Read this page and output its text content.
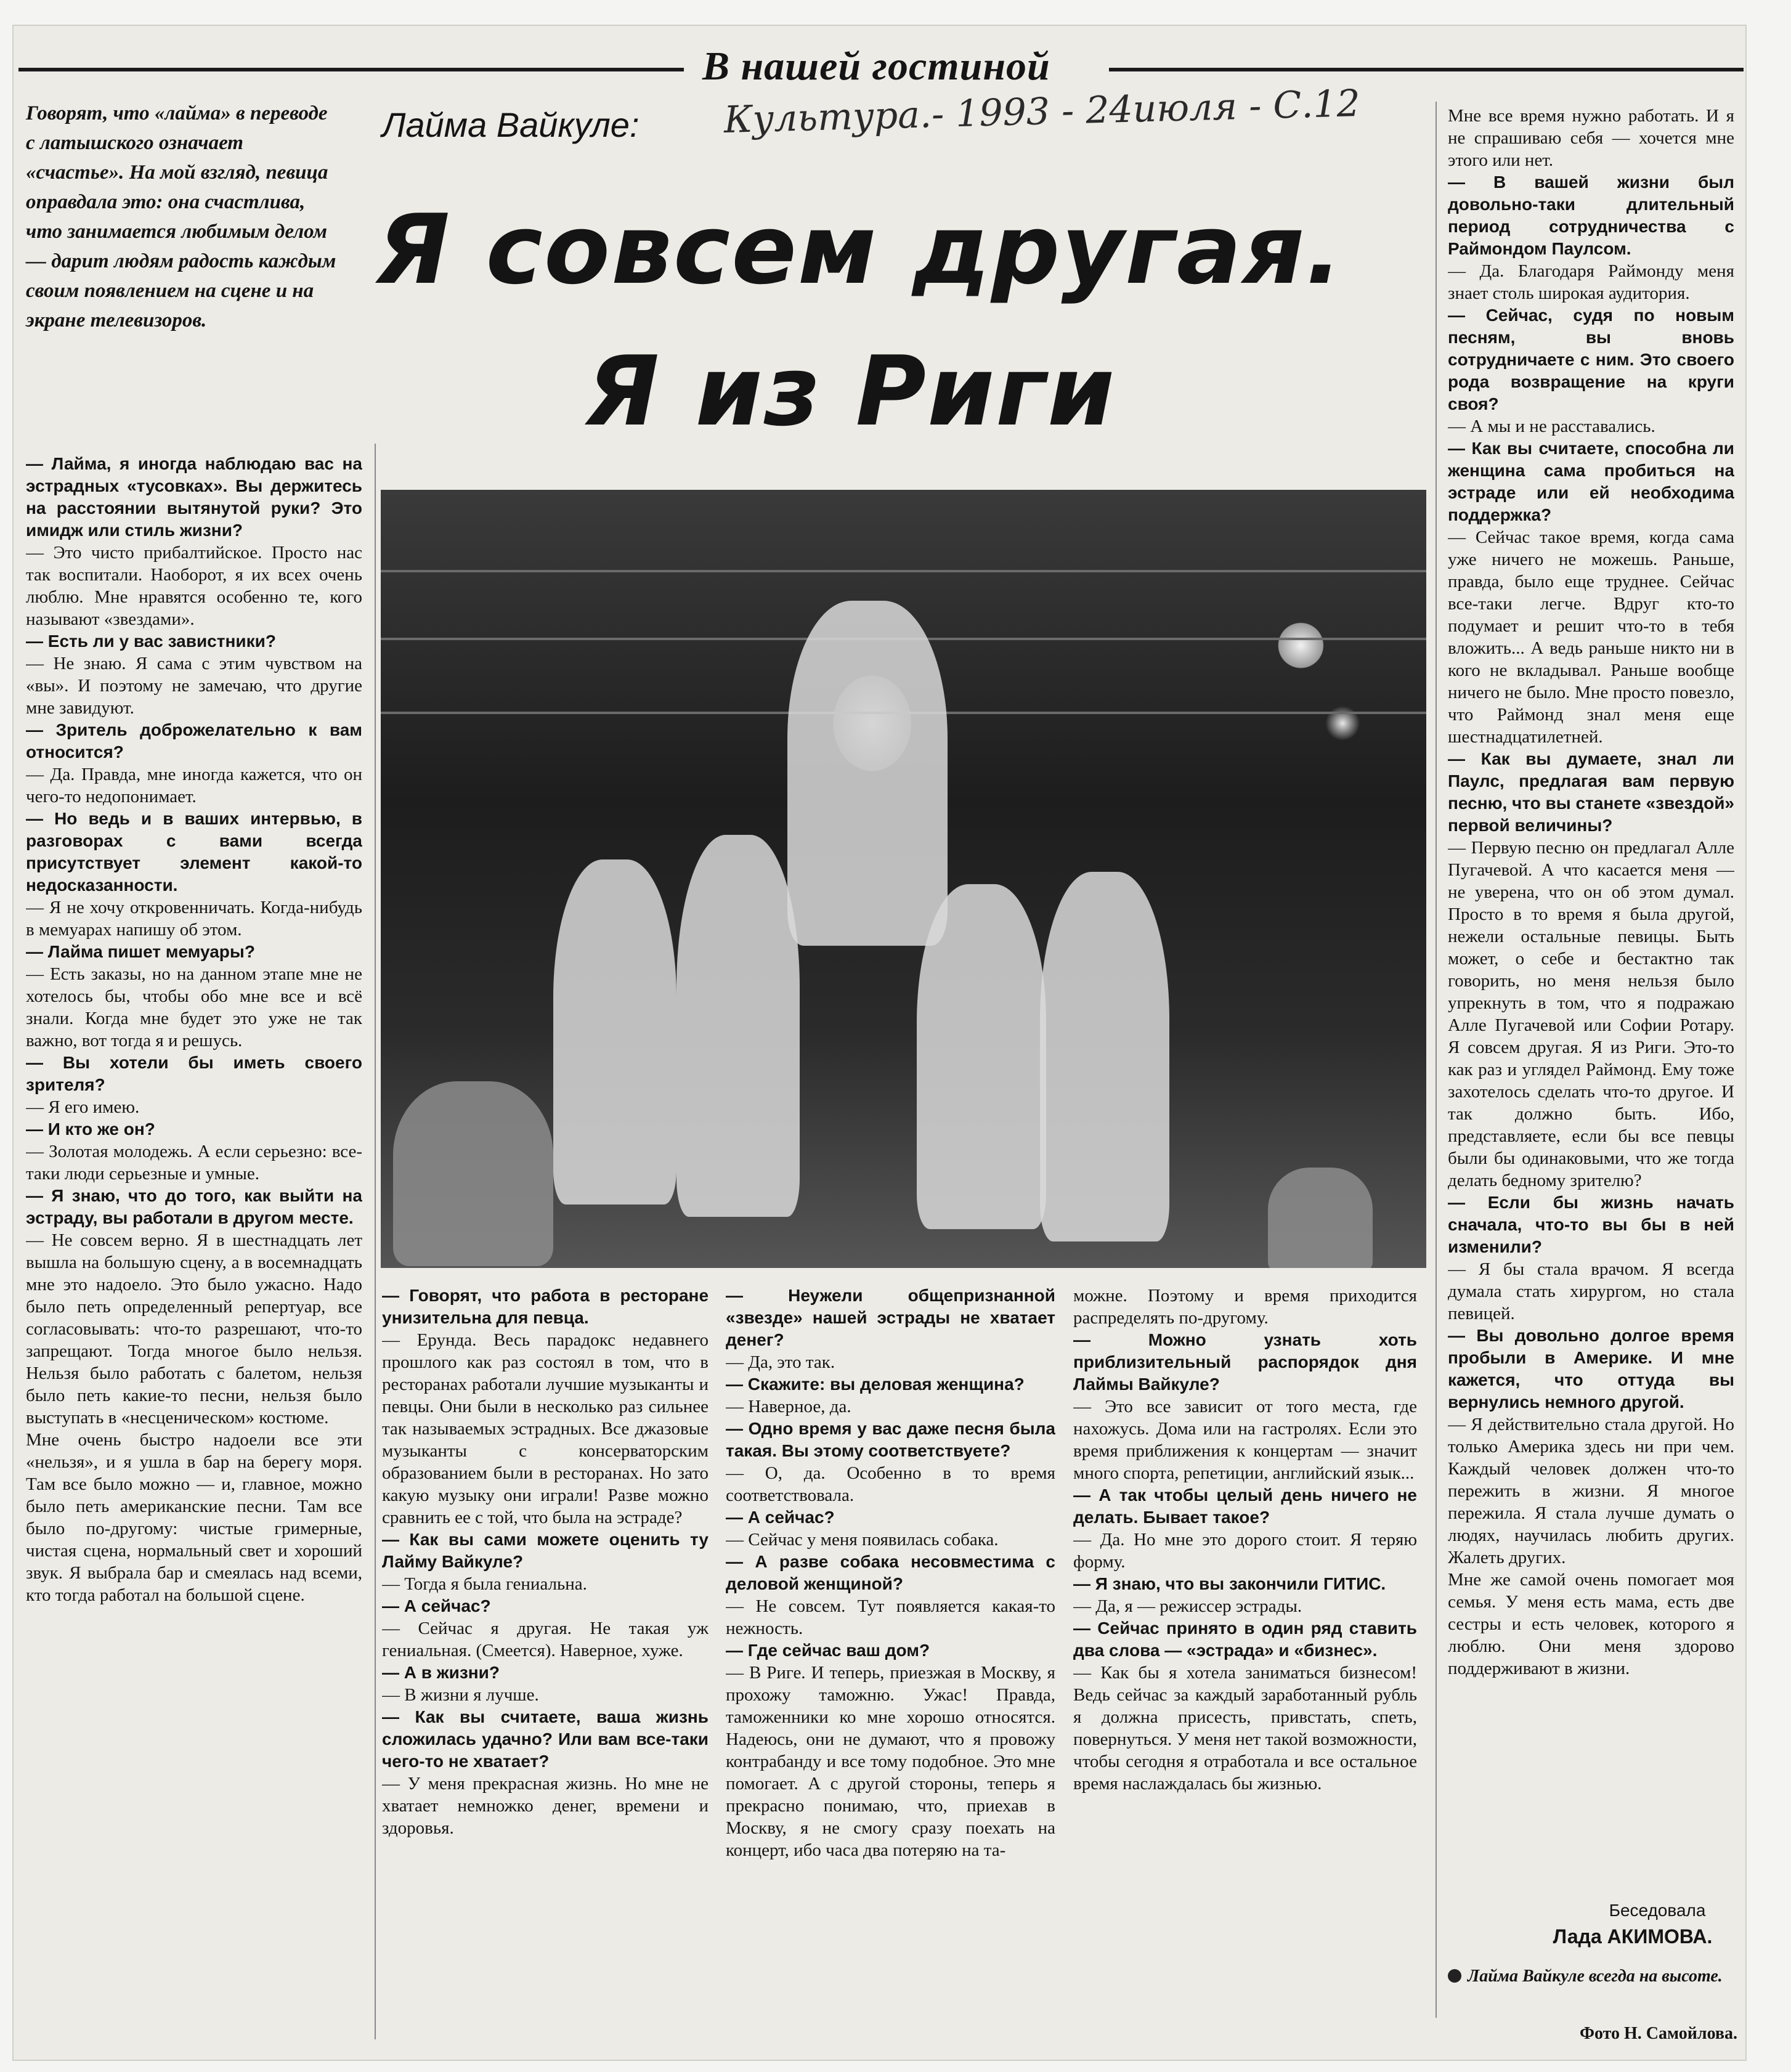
В нашей гостиной
Говорят, что «лайма» в переводе с латышского означает «счастье». На мой взгляд, певица оправдала это: она счастлива, что занимается любимым делом — дарит людям радость каждым своим появлением на сцене и на экране телевизоров.
Лайма Вайкуле: Культура.- 1993 - 24июля - С.12
Я совсем другая.
Я из Риги

— Лайма, я иногда наблюдаю вас на эстрадных «тусовках». Вы держитесь на расстоянии вытянутой руки? Это имидж или стиль жизни?

— Это чисто прибалтийское. Просто нас так воспитали. Наоборот, я их всех очень люблю. Мне нравятся особенно те, кого называют «звездами».

— Есть ли у вас завистники?

— Не знаю. Я сама с этим чувством на «вы». И поэтому не замечаю, что другие мне завидуют.

— Зритель доброжелательно к вам относится?

— Да. Правда, мне иногда кажется, что он чего-то недопонимает.

— Но ведь и в ваших интервью, в разговорах с вами всегда присутствует элемент какой-то недосказанности.

— Я не хочу откровенничать. Когда-нибудь в мемуарах напишу об этом.

— Лайма пишет мемуары?

— Есть заказы, но на данном этапе мне не хотелось бы, чтобы обо мне все и всё знали. Когда мне будет это уже не так важно, вот тогда я и решусь.

— Вы хотели бы иметь своего зрителя?

— Я его имею.

— И кто же он?

— Золотая молодежь. А если серьезно: все-таки люди серьезные и умные.

— Я знаю, что до того, как выйти на эстраду, вы работали в другом месте.

— Не совсем верно. Я в шестнадцать лет вышла на большую сцену, а в восемнадцать мне это надоело. Это было ужасно. Надо было петь определенный репертуар, все согласовывать: что-то разрешают, что-то запрещают. Тогда многое было нельзя. Нельзя было работать с балетом, нельзя было петь какие-то песни, нельзя было выступать в «несценическом» костюме.

Мне очень быстро надоели все эти «нельзя», и я ушла в бар на берегу моря. Там все было можно — и, главное, можно было петь американские песни. Там все было по-другому: чистые гримерные, чистая сцена, нормальный свет и хороший звук. Я выбрала бар и смеялась над всеми, кто тогда работал на большой сцене.

— Говорят, что работа в ресторане унизительна для певца.

— Ерунда. Весь парадокс недавнего прошлого как раз состоял в том, что в ресторанах работали лучшие музыканты и певцы. Они были в несколько раз сильнее так называемых эстрадных. Все джазовые музыканты с консерваторским образованием были в ресторанах. Но зато какую музыку они играли! Разве можно сравнить ее с той, что была на эстраде?

— Как вы сами можете оценить ту Лайму Вайкуле?

— Тогда я была гениальна.

— А сейчас?

— Сейчас я другая. Не такая уж гениальная. (Смеется). Наверное, хуже.

— А в жизни?

— В жизни я лучше.

— Как вы считаете, ваша жизнь сложилась удачно? Или вам все-таки чего-то не хватает?

— У меня прекрасная жизнь. Но мне не хватает немножко денег, времени и здоровья.

— Неужели общепризнанной «звезде» нашей эстрады не хватает денег?

— Да, это так.

— Скажите: вы деловая женщина?

— Наверное, да.

— Одно время у вас даже песня была такая. Вы этому соответствуете?

— О, да. Особенно в то время соответствовала.

— А сейчас?

— Сейчас у меня появилась собака.

— А разве собака несовместима с деловой женщиной?

— Не совсем. Тут появляется какая-то нежность.

— Где сейчас ваш дом?

— В Риге. И теперь, приезжая в Москву, я прохожу таможню. Ужас! Правда, таможенники ко мне хорошо относятся. Надеюсь, они не думают, что я провожу контрабанду и все тому подобное. Это мне помогает. А с другой стороны, теперь я прекрасно понимаю, что, приехав в Москву, я не смогу сразу поехать на концерт, ибо часа два потеряю на та-

можне. Поэтому и время приходится распределять по-другому.

— Можно узнать хоть приблизительный распорядок дня Лаймы Вайкуле?

— Это все зависит от того места, где нахожусь. Дома или на гастролях. Если это время приближения к концертам — значит много спорта, репетиции, английский язык...

— А так чтобы целый день ничего не делать. Бывает такое?

— Да. Но мне это дорого стоит. Я теряю форму.

— Я знаю, что вы закончили ГИТИС.

— Да, я — режиссер эстрады.

— Сейчас принято в один ряд ставить два слова — «эстрада» и «бизнес».

— Как бы я хотела заниматься бизнесом! Ведь сейчас за каждый заработанный рубль я должна присесть, привстать, спеть, повернуться. У меня нет такой возможности, чтобы сегодня я отработала и все остальное время наслаждалась бы жизнью.

Мне все время нужно работать. И я не спрашиваю себя — хочется мне этого или нет.

— В вашей жизни был довольно-таки длительный период сотрудничества с Раймондом Паулсом.

— Да. Благодаря Раймонду меня знает столь широкая аудитория.

— Сейчас, судя по новым песням, вы вновь сотрудничаете с ним. Это своего рода возвращение на круги своя?

— А мы и не расставались.

— Как вы считаете, способна ли женщина сама пробиться на эстраде или ей необходима поддержка?

— Сейчас такое время, когда сама уже ничего не можешь. Раньше, правда, было еще труднее. Сейчас все-таки легче. Вдруг кто-то подумает и решит что-то в тебя вложить... А ведь раньше никто ни в кого не вкладывал. Раньше вообще ничего не было. Мне просто повезло, что Раймонд знал меня еще шестнадцатилетней.

— Как вы думаете, знал ли Паулс, предлагая вам первую песню, что вы станете «звездой» первой величины?

— Первую песню он предлагал Алле Пугачевой. А что касается меня — не уверена, что он об этом думал. Просто в то время я была другой, нежели остальные певицы. Быть может, о себе и бестактно так говорить, но меня нельзя было упрекнуть в том, что я подражаю Алле Пугачевой или Софии Ротару. Я совсем другая. Я из Риги. Это-то как раз и углядел Раймонд. Ему тоже захотелось сделать что-то другое. И так должно быть. Ибо, представляете, если бы все певцы были бы одинаковыми, что же тогда делать бедному зрителю?

— Если бы жизнь начать сначала, что-то вы бы в ней изменили?

— Я бы стала врачом. Я всегда думала стать хирургом, но стала певицей.

— Вы довольно долгое время пробыли в Америке. И мне кажется, что оттуда вы вернулись немного другой.

— Я действительно стала другой. Но только Америка здесь ни при чем. Каждый человек должен что-то пережить в жизни. Я многое пережила. Я стала лучше думать о людях, научилась любить других. Жалеть других.

Мне же самой очень помогает моя семья. У меня есть мама, есть две сестры и есть человек, которого я люблю. Они меня здорово поддерживают в жизни.

Беседовала
Лада АКИМОВА.
Лайма Вайкуле всегда на высоте.
Фото Н. Самойлова.
